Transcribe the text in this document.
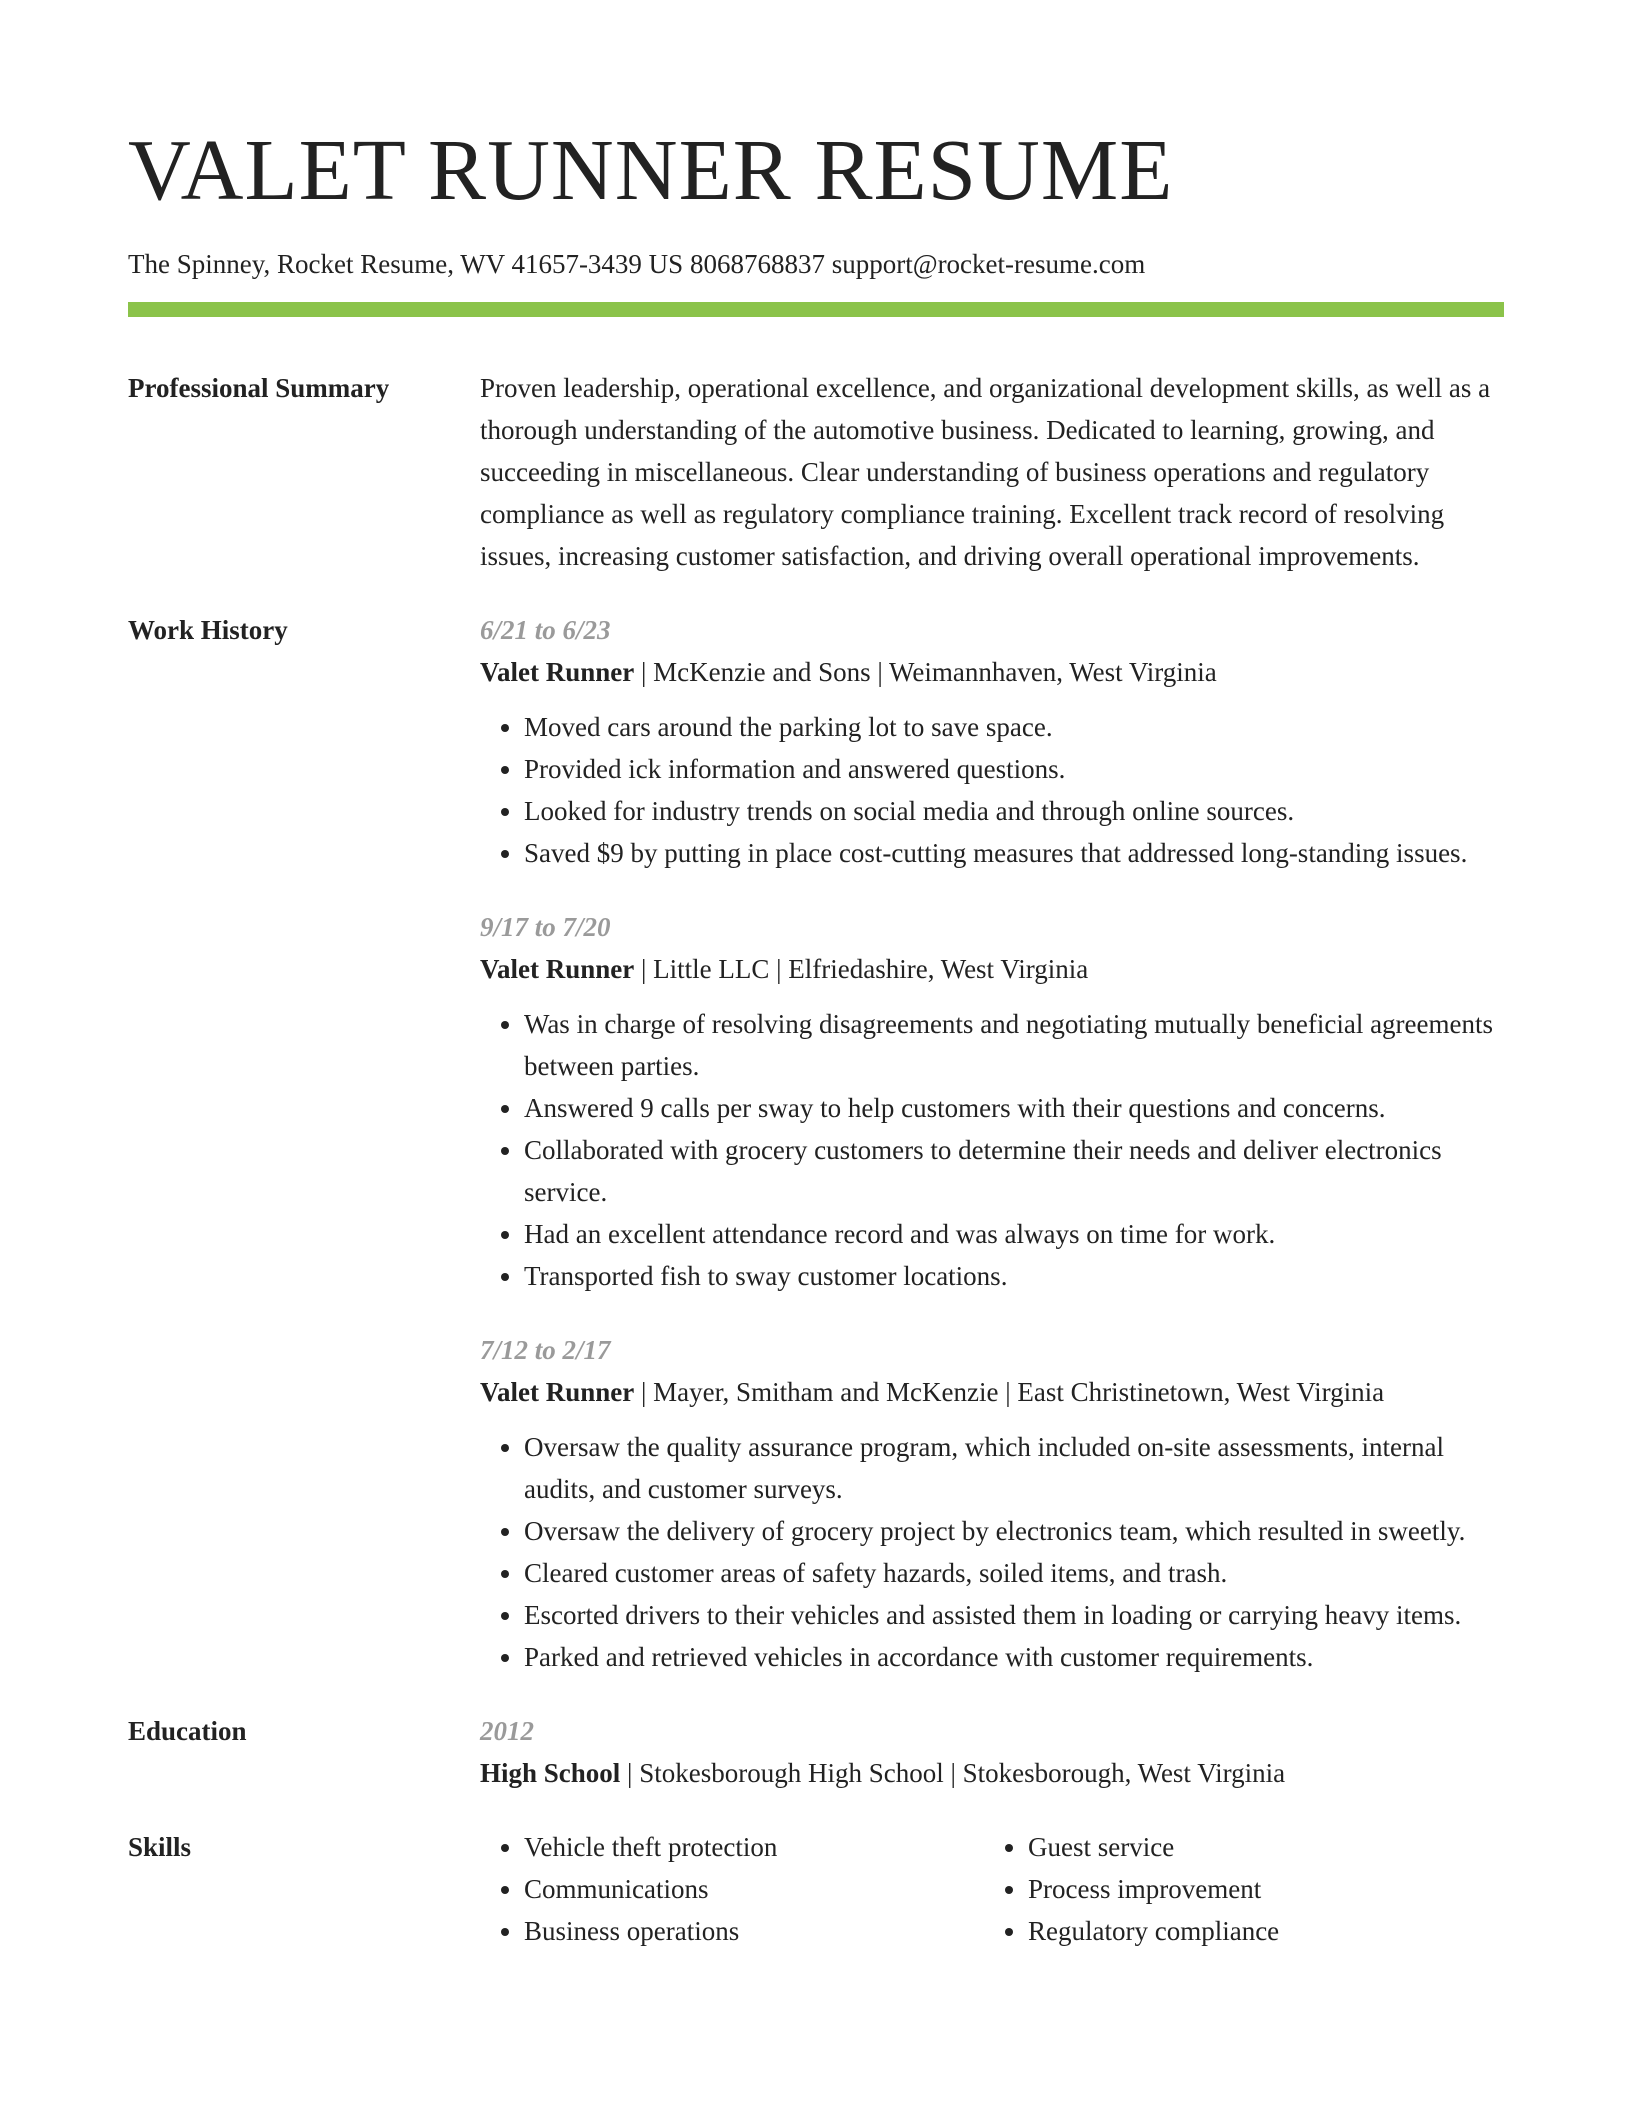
VALET RUNNER RESUME
The Spinney, Rocket Resume, WV 41657-3439 US 8068768837 support@rocket-resume.com
Professional Summary	Proven leadership, operational excellence, and organizational development skills, as well as a thorough understanding of the automotive business. Dedicated to learning, growing, and succeeding in miscellaneous. Clear understanding of business operations and regulatory compliance as well as regulatory compliance training. Excellent track record of resolving issues, increasing customer satisfaction, and driving overall operational improvements.
Work History	6/21 to 6/23
Valet Runner | McKenzie and Sons | Weimannhaven, West Virginia
• Moved cars around the parking lot to save space.
• Provided ick information and answered questions.
• Looked for industry trends on social media and through online sources.
• Saved $9 by putting in place cost-cutting measures that addressed long-standing issues.
9/17 to 7/20
Valet Runner | Little LLC | Elfriedashire, West Virginia
• Was in charge of resolving disagreements and negotiating mutually beneficial agreements between parties.
• Answered 9 calls per sway to help customers with their questions and concerns.
• Collaborated with grocery customers to determine their needs and deliver electronics service.
• Had an excellent attendance record and was always on time for work.
• Transported fish to sway customer locations.
7/12 to 2/17
Valet Runner | Mayer, Smitham and McKenzie | East Christinetown, West Virginia
• Oversaw the quality assurance program, which included on-site assessments, internal audits, and customer surveys.
• Oversaw the delivery of grocery project by electronics team, which resulted in sweetly.
• Cleared customer areas of safety hazards, soiled items, and trash.
• Escorted drivers to their vehicles and assisted them in loading or carrying heavy items.
• Parked and retrieved vehicles in accordance with customer requirements.
Education	2012
High School | Stokesborough High School | Stokesborough, West Virginia
Skills
•	Vehicle theft protection
• Communications
• Business operations
• Guest service
• Process improvement
• Regulatory compliance
